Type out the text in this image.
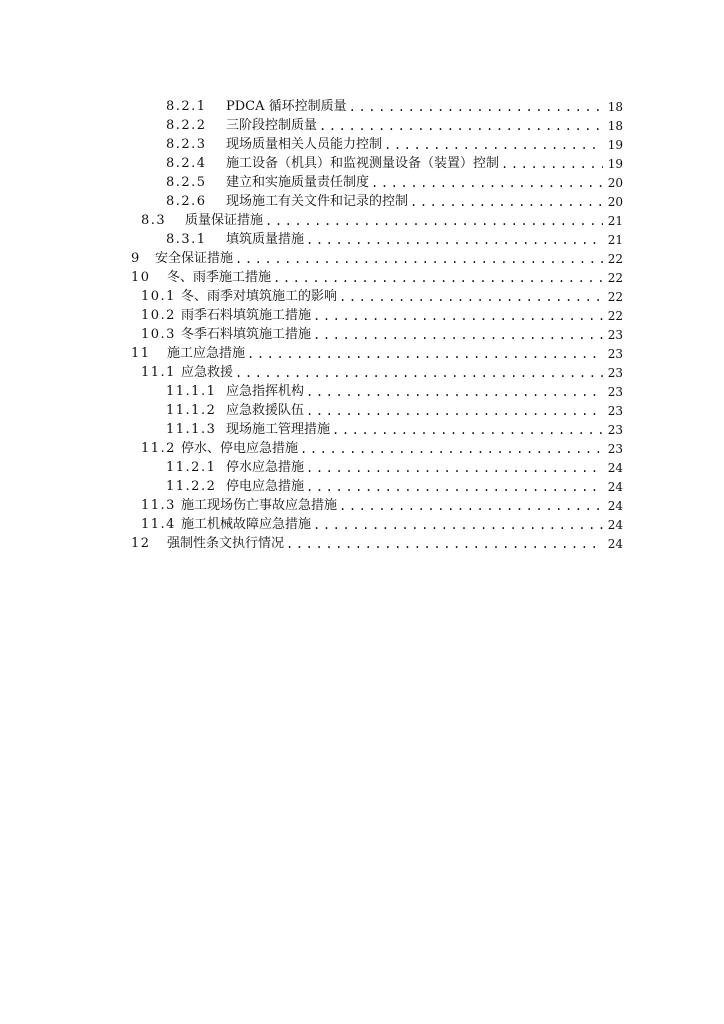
8.2.1	PDCA 循环控制质量 .....	18
8.2.2	三阶段控制质量 .....	18
8.2.3	现场质量相关人员能力控制 .....	19
8.2.4	施工设备（机具）和监视测量设备（装置）控制 .....	19
8.2.5	建立和实施质量责任制度 .....	20
8.2.6	现场施工有关文件和记录的控制 .....	20
8.3	质量保证措施 .....	21
8.3.1	填筑质量措施 .....	21
9	安全保证措施 .....	22
10	冬、雨季施工措施 .....	22
10.1 冬、雨季对填筑施工的影响 .....	22
10.2 雨季石料填筑施工措施 .....	22
10.3 冬季石料填筑施工措施 .....	23
11	施工应急措施 .....	23
11.1 应急救援 .....	23
11.1.1 应急指挥机构 .....	23
11.1.2 应急救援队伍 .....	23
11.1.3 现场施工管理措施 .....	23
11.2 停水、停电应急措施 .....	23
11.2.1 停水应急措施 .....	24
11.2.2 停电应急措施 .....	24
11.3 施工现场伤亡事故应急措施 .....	24
11.4 施工机械故障应急措施 .....	24
12	强制性条文执行情况 .....	24
